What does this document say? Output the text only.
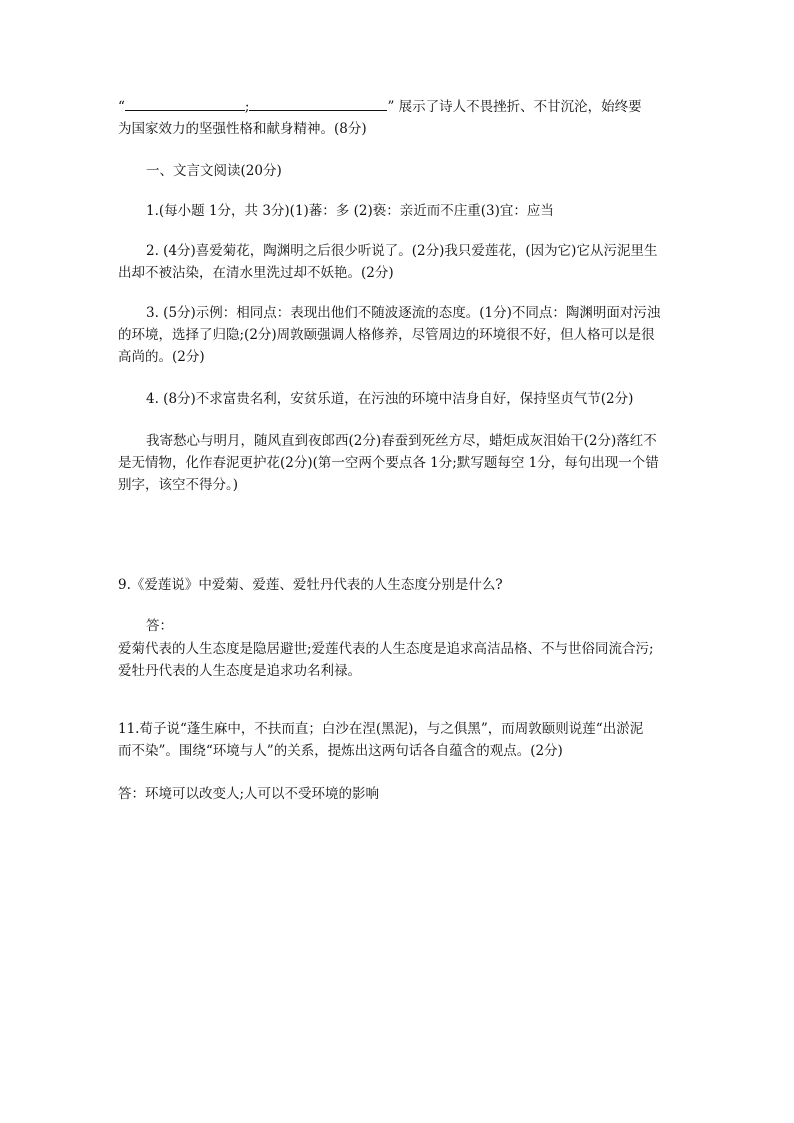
“	;	” 展示了诗人不畏挫折、不甘沉沦，始终要
为国家效力的坚强性格和献身精神。(8分)

一、文言文阅读(20分)

1.(每小题 1分，共 3分)(1)蕃：多 (2)亵：亲近而不庄重(3)宜：应当
2. (4分)喜爱菊花，陶渊明之后很少听说了。(2分)我只爱莲花，(因为它)它从污泥里生
出却不被沾染，在清水里洗过却不妖艳。(2分)
3. (5分)示例：相同点：表现出他们不随波逐流的态度。(1分)不同点：陶渊明面对污浊
的环境，选择了归隐;(2分)周敦颐强调人格修养，尽管周边的环境很不好，但人格可以是很
高尚的。(2分)
4. (8分)不求富贵名利，安贫乐道，在污浊的环境中洁身自好，保持坚贞气节(2分)
我寄愁心与明月，随风直到夜郎西(2分)春蚕到死丝方尽，蜡炬成灰泪始干(2分)落红不
是无情物，化作春泥更护花(2分)(第一空两个要点各 1分;默写题每空 1分，每句出现一个错
别字，该空不得分。)

9.《爱莲说》中爱菊、爱莲、爱牡丹代表的人生态度分别是什么?

答：

爱菊代表的人生态度是隐居避世;爱莲代表的人生态度是追求高洁品格、不与世俗同流合污;
爱牡丹代表的人生态度是追求功名利禄。
11.荀子说“蓬生麻中，不扶而直；白沙在涅(黑泥)，与之俱黑”，而周敦颐则说莲“出淤泥
而不染”。围绕“环境与人”的关系，提炼出这两句话各自蕴含的观点。(2分)

答：环境可以改变人;人可以不受环境的影响
